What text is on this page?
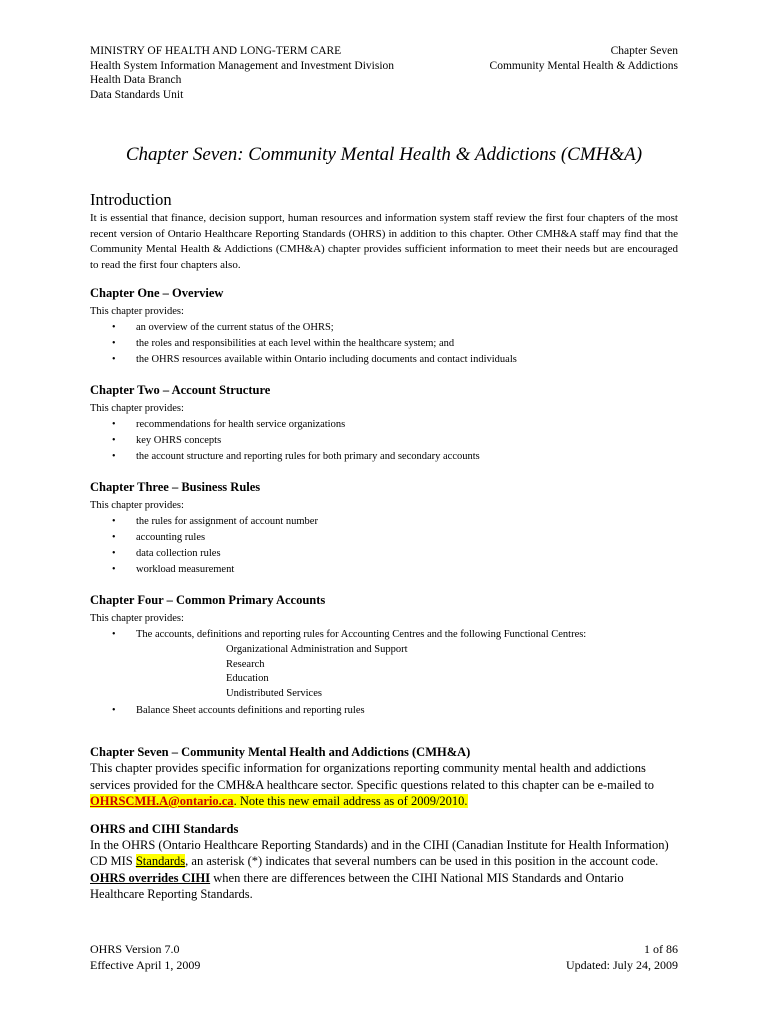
MINISTRY OF HEALTH AND LONG-TERM CARE
Health System Information Management and Investment Division
Health Data Branch
Data Standards Unit
Chapter Seven
Community Mental Health & Addictions
Chapter Seven: Community Mental Health & Addictions (CMH&A)
Introduction

It is essential that finance, decision support, human resources and information system staff review the first four chapters of the most recent version of Ontario Healthcare Reporting Standards (OHRS) in addition to this chapter. Other CMH&A staff may find that the Community Mental Health & Addictions (CMH&A) chapter provides sufficient information to meet their needs but are encouraged to read the first four chapters also.

Chapter One – Overview
This chapter provides:
• an overview of the current status of the OHRS;
• the roles and responsibilities at each level within the healthcare system; and
• the OHRS resources available within Ontario including documents and contact individuals
Chapter Two – Account Structure
This chapter provides:
• recommendations for health service organizations
• key OHRS concepts
• the account structure and reporting rules for both primary and secondary accounts
Chapter Three – Business Rules
This chapter provides:
• the rules for assignment of account number
• accounting rules
• data collection rules
• workload measurement
Chapter Four – Common Primary Accounts
This chapter provides:
• The accounts, definitions and reporting rules for Accounting Centres and the following Functional Centres:
Organizational Administration and Support
Research
Education
Undistributed Services
• Balance Sheet accounts definitions and reporting rules
Chapter Seven – Community Mental Health and Addictions (CMH&A)

This chapter provides specific information for organizations reporting community mental health and addictions services provided for the CMH&A healthcare sector. Specific questions related to this chapter can be e-mailed to OHRSCMH.A@ontario.ca. Note this new email address as of 2009/2010.

OHRS and CIHI Standards

In the OHRS (Ontario Healthcare Reporting Standards) and in the CIHI (Canadian Institute for Health Information) CD MIS Standards, an asterisk (*) indicates that several numbers can be used in this position in the account code. OHRS overrides CIHI when there are differences between the CIHI National MIS Standards and Ontario Healthcare Reporting Standards.

OHRS Version 7.0
Effective April 1, 2009
1 of 86
Updated: July 24, 2009
